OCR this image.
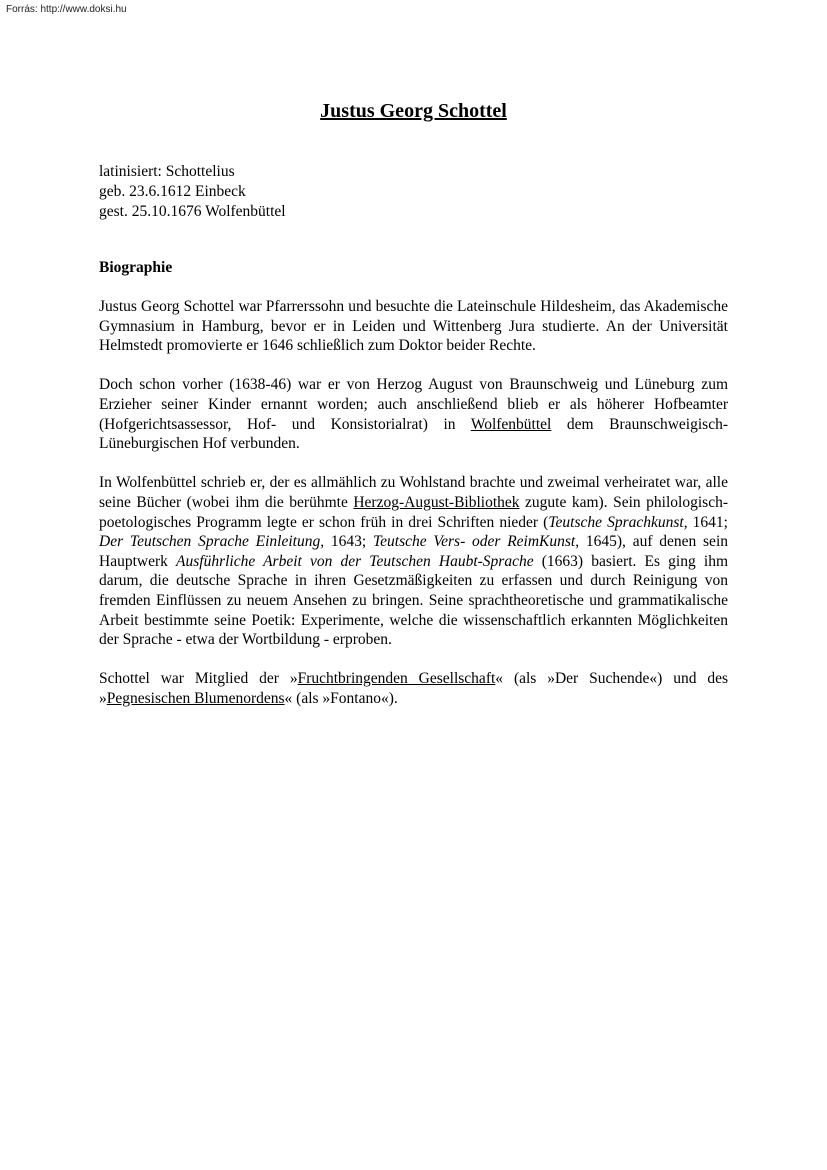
Forrás: http://www.doksi.hu
Justus Georg Schottel
latinisiert: Schottelius
geb. 23.6.1612 Einbeck
gest. 25.10.1676 Wolfenbüttel
Biographie

Justus Georg Schottel war Pfarrerssohn und besuchte die Lateinschule Hildesheim, das Akademische Gymnasium in Hamburg, bevor er in Leiden und Wittenberg Jura studierte. An der Universität Helmstedt promovierte er 1646 schließlich zum Doktor beider Rechte.

Doch schon vorher (1638-46) war er von Herzog August von Braunschweig und Lüneburg zum Erzieher seiner Kinder ernannt worden; auch anschließend blieb er als höherer Hofbeamter (Hofgerichtsassessor, Hof- und Konsistorialrat) in Wolfenbüttel dem Braunschweigisch-Lüneburgischen Hof verbunden.

In Wolfenbüttel schrieb er, der es allmählich zu Wohlstand brachte und zweimal verheiratet war, alle seine Bücher (wobei ihm die berühmte Herzog-August-Bibliothek zugute kam). Sein philologisch-poetologisches Programm legte er schon früh in drei Schriften nieder (Teutsche Sprachkunst, 1641; Der Teutschen Sprache Einleitung, 1643; Teutsche Vers- oder ReimKunst, 1645), auf denen sein Hauptwerk Ausführliche Arbeit von der Teutschen Haubt-Sprache (1663) basiert. Es ging ihm darum, die deutsche Sprache in ihren Gesetzmäßigkeiten zu erfassen und durch Reinigung von fremden Einflüssen zu neuem Ansehen zu bringen. Seine sprachtheoretische und grammatikalische Arbeit bestimmte seine Poetik: Experimente, welche die wissenschaftlich erkannten Möglichkeiten der Sprache - etwa der Wortbildung - erproben.

Schottel war Mitglied der »Fruchtbringenden Gesellschaft« (als »Der Suchende«) und des »Pegnesischen Blumenordens« (als »Fontano«).
